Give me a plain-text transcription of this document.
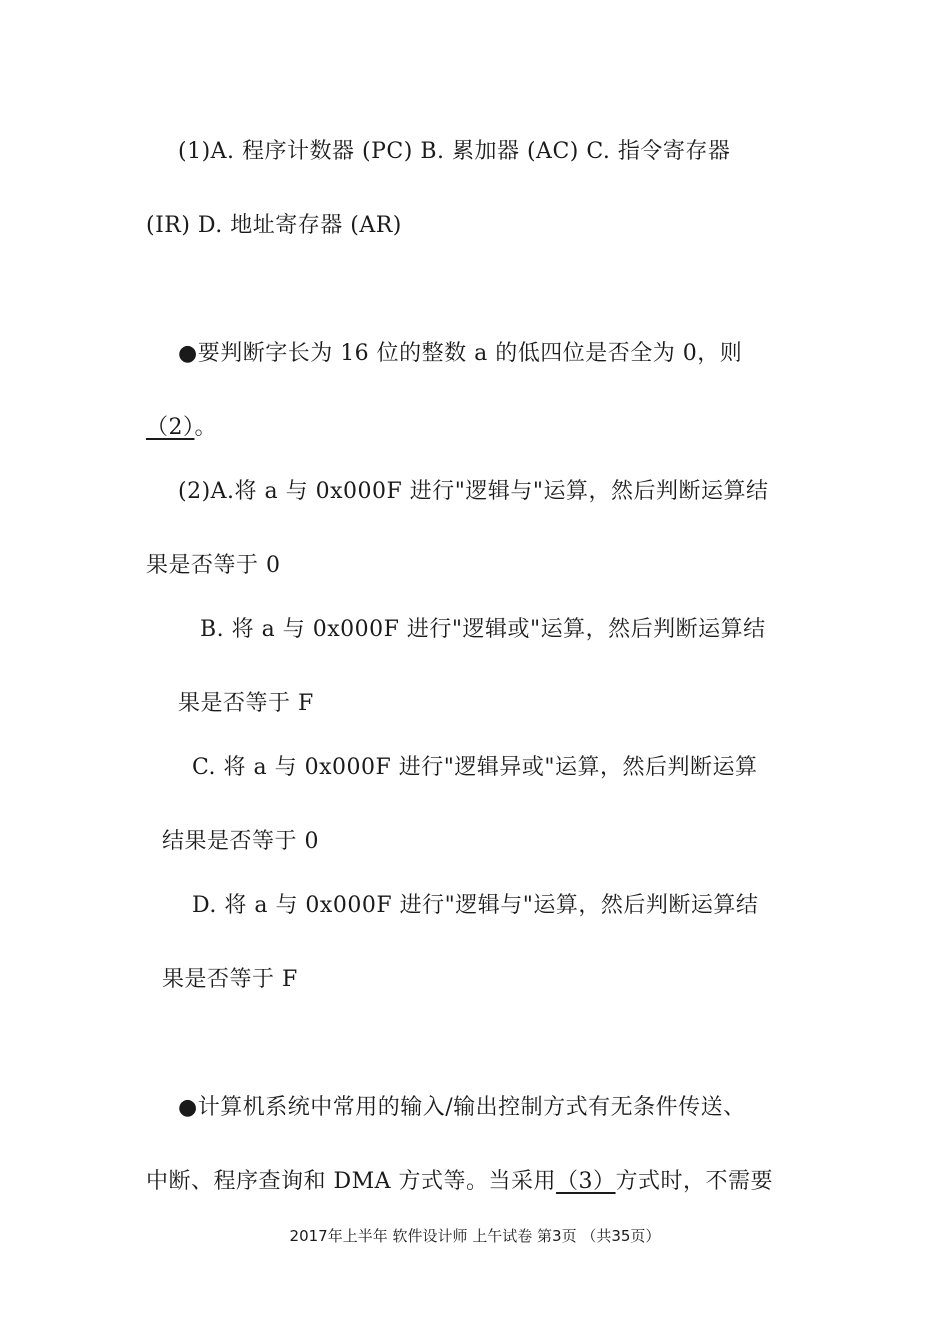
(1)A. 程序计数器 (PC) B. 累加器 (AC) C. 指令寄存器
(IR) D. 地址寄存器 (AR)
●要判断字长为 16 位的整数 a 的低四位是否全为 0，则
（2）。
(2)A.将 a 与 0x000F 进行"逻辑与"运算，然后判断运算结
果是否等于 0
B. 将 a 与 0x000F 进行"逻辑或"运算，然后判断运算结
果是否等于 F
C. 将 a 与 0x000F 进行"逻辑异或"运算，然后判断运算
结果是否等于 0
D. 将 a 与 0x000F 进行"逻辑与"运算，然后判断运算结
果是否等于 F
●计算机系统中常用的输入/输出控制方式有无条件传送、
中断、程序查询和 DMA 方式等。当采用（3）方式时，不需要
2017年上半年 软件设计师 上午试卷 第3页 （共35页）
